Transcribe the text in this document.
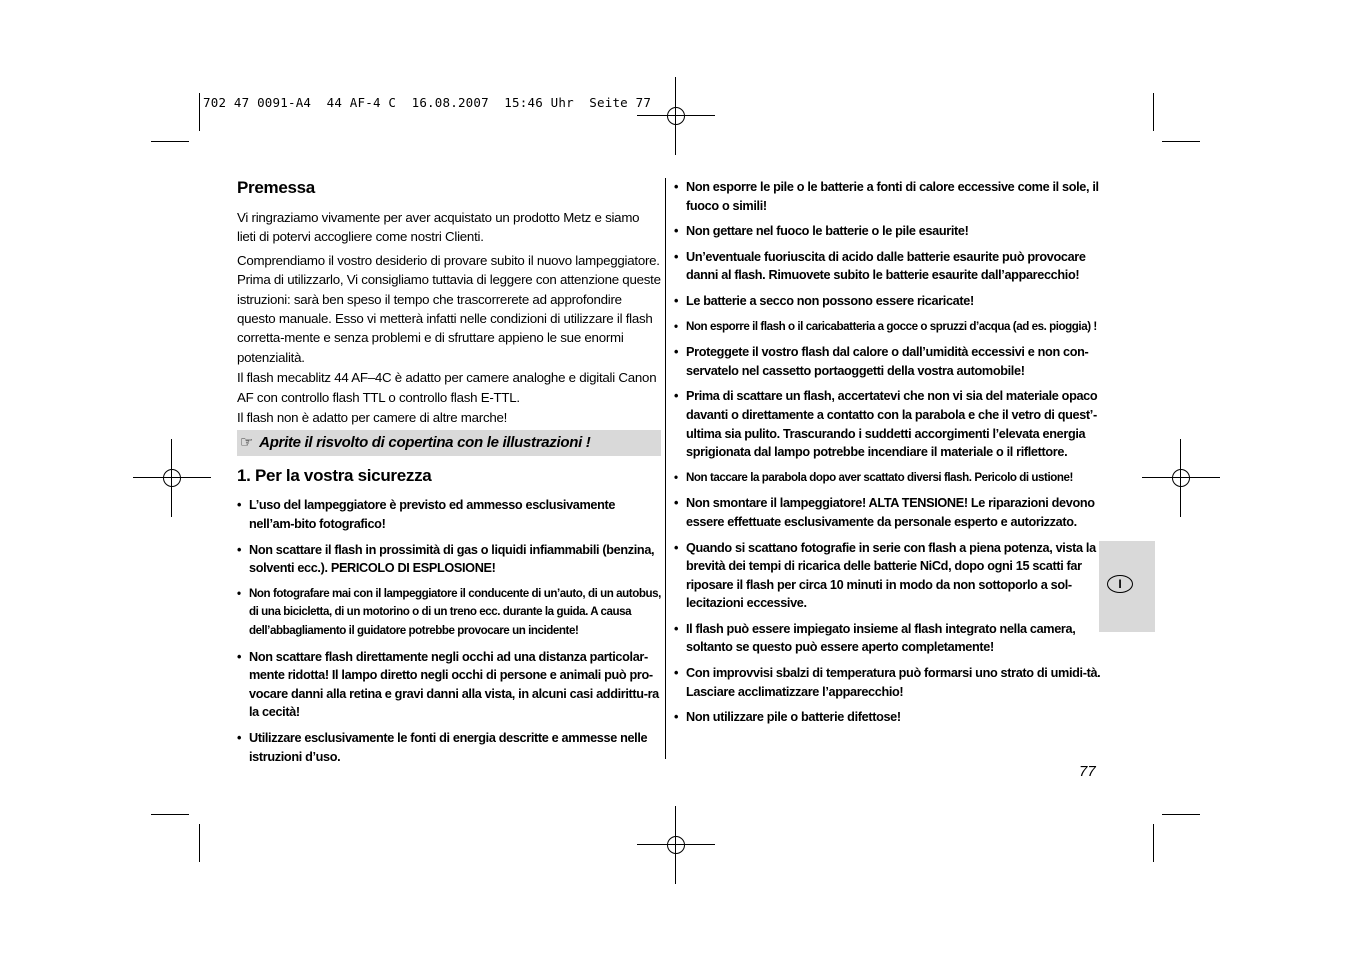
702 47 0091-A4  44 AF-4 C  16.08.2007  15:46 Uhr  Seite 77
Premessa

Vi ringraziamo vivamente per aver acquistato un prodotto Metz e siamo lieti di potervi accogliere come nostri Clienti.

Comprendiamo il vostro desiderio di provare subito il nuovo lampeggiatore. Prima di utilizzarlo, Vi consigliamo tuttavia di leggere con attenzione queste istruzioni: sarà ben speso il tempo che trascorrerete ad approfondire questo manuale. Esso vi metterà infatti nelle condizioni di utilizzare il flash corretta-mente e senza problemi e di sfruttare appieno le sue enormi potenzialità.

Il flash mecablitz 44 AF–4C è adatto per camere analoghe e digitali Canon AF con controllo flash TTL o controllo flash E-TTL.

Il flash non è adatto per camere di altre marche!

☞ Aprite il risvolto di copertina con le illustrazioni !
1. Per la vostra sicurezza
• L’uso del lampeggiatore è previsto ed ammesso esclusivamente nell’am-bito fotografico!
• Non scattare il flash in prossimità di gas o liquidi infiammabili (benzina, solventi ecc.). PERICOLO DI ESPLOSIONE!
• Non fotografare mai con il lampeggiatore il conducente di un’auto, di un autobus, di una bicicletta, di un motorino o di un treno ecc. durante la guida. A causa dell’abbagliamento il guidatore potrebbe provocare un incidente!
• Non scattare flash direttamente negli occhi ad una distanza particolar-mente ridotta! Il lampo diretto negli occhi di persone e animali può pro-vocare danni alla retina e gravi danni alla vista, in alcuni casi addirittu-ra la cecità!
• Utilizzare esclusivamente le fonti di energia descritte e ammesse nelle istruzioni d’uso.
• Non esporre le pile o le batterie a fonti di calore eccessive come il sole, il fuoco o simili!
• Non gettare nel fuoco le batterie o le pile esaurite!
• Un’eventuale fuoriuscita di acido dalle batterie esaurite può provocare danni al flash. Rimuovete subito le batterie esaurite dall’apparecchio!
• Le batterie a secco non possono essere ricaricate!
• Non esporre il flash o il caricabatteria a gocce o spruzzi d’acqua (ad es. pioggia) !
• Proteggete il vostro flash dal calore o dall’umidità eccessivi e non con-servatelo nel cassetto portaoggetti della vostra automobile!
• Prima di scattare un flash, accertatevi che non vi sia del materiale opaco davanti o direttamente a contatto con la parabola e che il vetro di quest’-ultima sia pulito. Trascurando i suddetti accorgimenti l’elevata energia sprigionata dal lampo potrebbe incendiare il materiale o il riflettore.
• Non taccare la parabola dopo aver scattato diversi flash. Pericolo di ustione!
• Non smontare il lampeggiatore! ALTA TENSIONE! Le riparazioni devono essere effettuate esclusivamente da personale esperto e autorizzato.
• Quando si scattano fotografie in serie con flash a piena potenza, vista la brevità dei tempi di ricarica delle batterie NiCd, dopo ogni 15 scatti far riposare il flash per circa 10 minuti in modo da non sottoporlo a sol-lecitazioni eccessive.
• Il flash può essere impiegato insieme al flash integrato nella camera, soltanto se questo può essere aperto completamente!
• Con improvvisi sbalzi di temperatura può formarsi uno strato di umidi-tà. Lasciare acclimatizzare l’apparecchio!
• Non utilizzare pile o batterie difettose!
I
77
